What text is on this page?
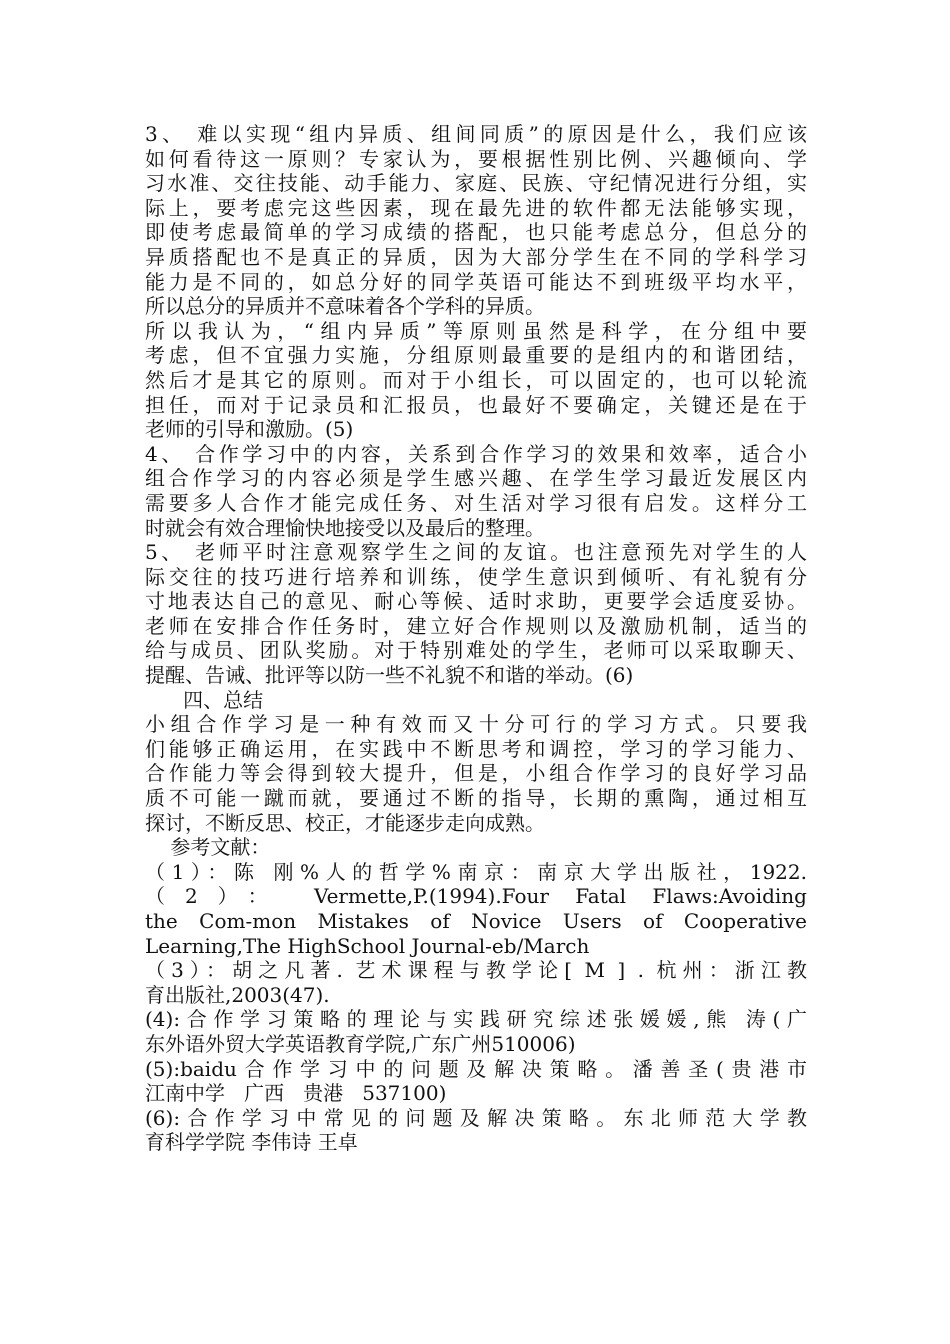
3、 难以实现“组内异质、组间同质”的原因是什么，我们应该
如何看待这一原则？专家认为，要根据性别比例、兴趣倾向、学
习水准、交往技能、动手能力、家庭、民族、守纪情况进行分组，实
际上，要考虑完这些因素，现在最先进的软件都无法能够实现，
即使考虑最简单的学习成绩的搭配，也只能考虑总分，但总分的
异质搭配也不是真正的异质，因为大部分学生在不同的学科学习
能力是不同的，如总分好的同学英语可能达不到班级平均水平，
所以总分的异质并不意味着各个学科的异质。
所以我认为，“组内异质”等原则虽然是科学，在分组中要
考虑，但不宜强力实施，分组原则最重要的是组内的和谐团结，
然后才是其它的原则。而对于小组长，可以固定的，也可以轮流
担任，而对于记录员和汇报员，也最好不要确定，关键还是在于
老师的引导和激励。(5)
4、 合作学习中的内容，关系到合作学习的效果和效率，适合小
组合作学习的内容必须是学生感兴趣、在学生学习最近发展区内
需要多人合作才能完成任务、对生活对学习很有启发。这样分工
时就会有效合理愉快地接受以及最后的整理。
5、 老师平时注意观察学生之间的友谊。也注意预先对学生的人
际交往的技巧进行培养和训练，使学生意识到倾听、有礼貌有分
寸地表达自己的意见、耐心等候、适时求助，更要学会适度妥协。
老师在安排合作任务时，建立好合作规则以及激励机制，适当的
给与成员、团队奖励。对于特别难处的学生，老师可以采取聊天、
提醒、告诫、批评等以防一些不礼貌不和谐的举动。(6)
四、总结
小组合作学习是一种有效而又十分可行的学习方式。只要我
们能够正确运用，在实践中不断思考和调控，学习的学习能力、
合作能力等会得到较大提升，但是，小组合作学习的良好学习品
质不可能一蹴而就，要通过不断的指导，长期的熏陶，通过相互
探讨，不断反思、校正，才能逐步走向成熟。
参考文献：
（1）：陈 刚%人的哲学%南京：南京大学出版社，1922.
（2）： Vermette,P.(1994).Four Fatal Flaws:Avoiding
the Com-mon Mistakes of Novice Users of Cooperative
Learning,The HighSchool Journal-eb/March
（3）：胡之凡著. 艺术课程与教学论[ M ] . 杭州：浙江教
育出版社,2003(47).
(4):合作学习策略的理论与实践研究综述张媛媛,熊 涛(广
东外语外贸大学英语教育学院,广东广州510006)
(5):baidu合作学习中的问题及解决策略。潘善圣(贵港市
江南中学   广西   贵港   537100)
(6):合作学习中常见的问题及解决策略。东北师范大学教
育科学学院 李伟诗 王卓
